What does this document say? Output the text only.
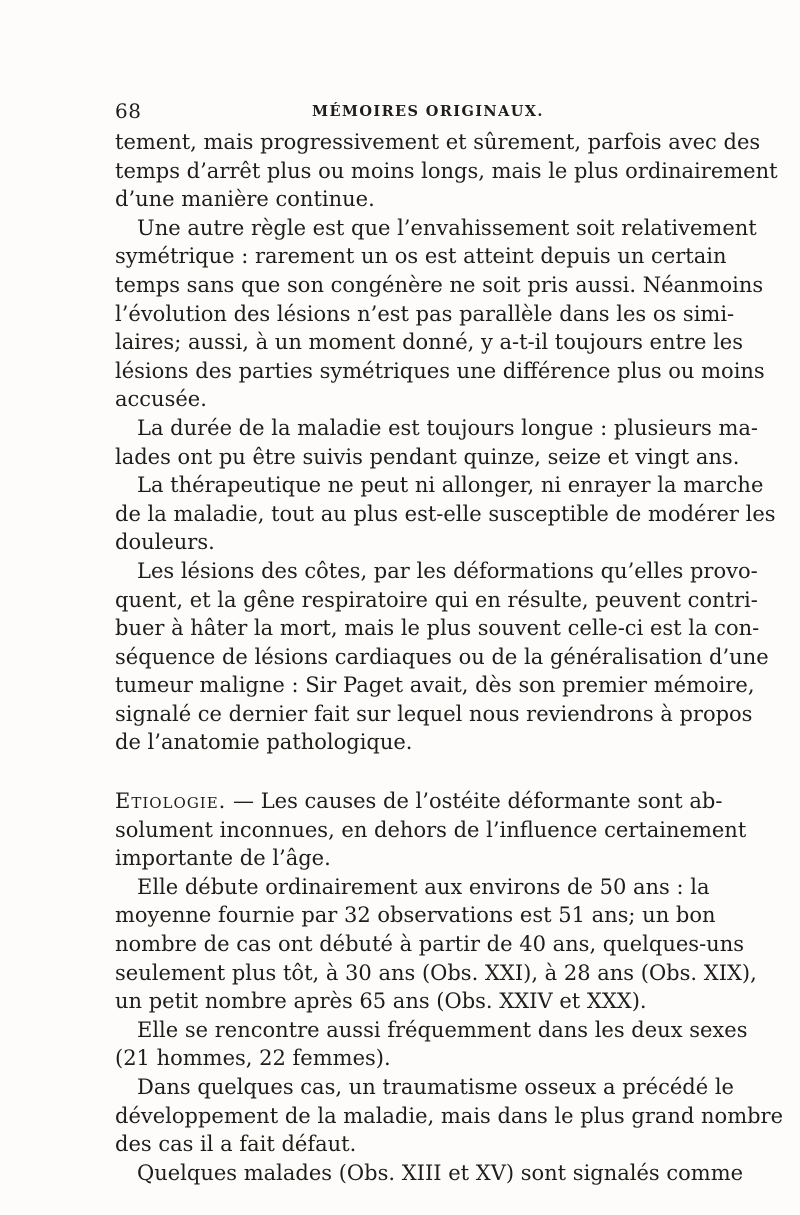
68	MÉMOIRES ORIGINAUX.
tement, mais progressivement et sûrement, parfois avec des
temps d’arrêt plus ou moins longs, mais le plus ordinairement
d’une manière continue.
Une autre règle est que l’envahissement soit relativement
symétrique : rarement un os est atteint depuis un certain
temps sans que son congénère ne soit pris aussi. Néanmoins
l’évolution des lésions n’est pas parallèle dans les os simi-
laires; aussi, à un moment donné, y a-t-il toujours entre les
lésions des parties symétriques une différence plus ou moins
accusée.
La durée de la maladie est toujours longue : plusieurs ma-
lades ont pu être suivis pendant quinze, seize et vingt ans.
La thérapeutique ne peut ni allonger, ni enrayer la marche
de la maladie, tout au plus est-elle susceptible de modérer les
douleurs.
Les lésions des côtes, par les déformations qu’elles provo-
quent, et la gêne respiratoire qui en résulte, peuvent contri-
buer à hâter la mort, mais le plus souvent celle-ci est la con-
séquence de lésions cardiaques ou de la généralisation d’une
tumeur maligne : Sir Paget avait, dès son premier mémoire,
signalé ce dernier fait sur lequel nous reviendrons à propos
de l’anatomie pathologique.
Etiologie. — Les causes de l’ostéite déformante sont ab-
solument inconnues, en dehors de l’influence certainement
importante de l’âge.
Elle débute ordinairement aux environs de 50 ans : la
moyenne fournie par 32 observations est 51 ans; un bon
nombre de cas ont débuté à partir de 40 ans, quelques-uns
seulement plus tôt, à 30 ans (Obs. XXI), à 28 ans (Obs. XIX),
un petit nombre après 65 ans (Obs. XXIV et XXX).
Elle se rencontre aussi fréquemment dans les deux sexes
(21 hommes, 22 femmes).
Dans quelques cas, un traumatisme osseux a précédé le
développement de la maladie, mais dans le plus grand nombre
des cas il a fait défaut.
Quelques malades (Obs. XIII et XV) sont signalés comme
